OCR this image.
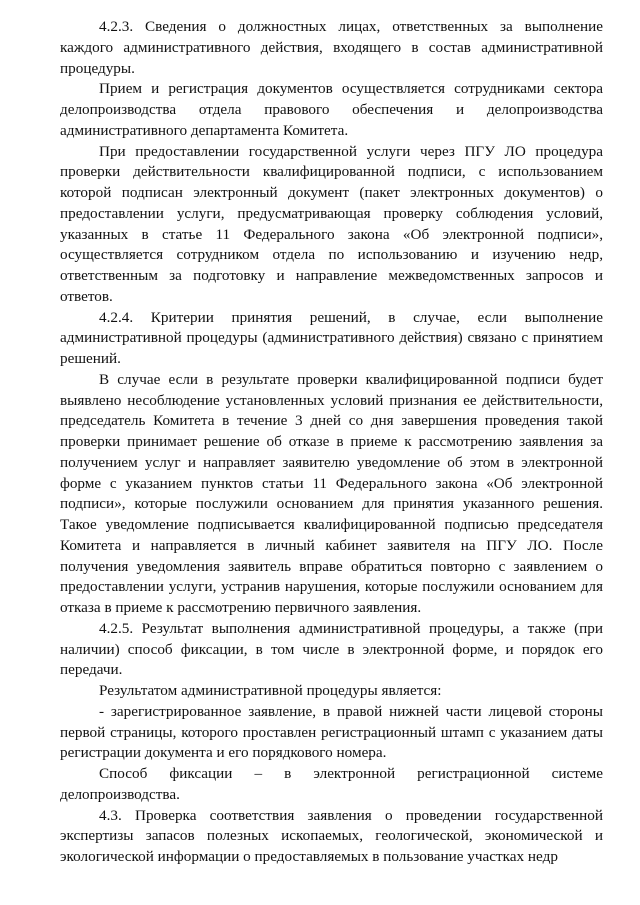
4.2.3. Сведения о должностных лицах, ответственных за выполнение каждого административного действия, входящего в состав административной процедуры.

Прием и регистрация документов осуществляется сотрудниками сектора делопроизводства отдела правового обеспечения и делопроизводства административного департамента Комитета.

При предоставлении государственной услуги через ПГУ ЛО процедура проверки действительности квалифицированной подписи, с использованием которой подписан электронный документ (пакет электронных документов) о предоставлении услуги, предусматривающая проверку соблюдения условий, указанных в статье 11 Федерального закона «Об электронной подписи», осуществляется сотрудником отдела по использованию и изучению недр, ответственным за подготовку и направление межведомственных запросов и ответов.

4.2.4. Критерии принятия решений, в случае, если выполнение административной процедуры (административного действия) связано с принятием решений.

В случае если в результате проверки квалифицированной подписи будет выявлено несоблюдение установленных условий признания ее действительности, председатель Комитета в течение 3 дней со дня завершения проведения такой проверки принимает решение об отказе в приеме к рассмотрению заявления за получением услуг и направляет заявителю уведомление об этом в электронной форме с указанием пунктов статьи 11 Федерального закона «Об электронной подписи», которые послужили основанием для принятия указанного решения. Такое уведомление подписывается квалифицированной подписью председателя Комитета и направляется в личный кабинет заявителя на ПГУ ЛО. После получения уведомления заявитель вправе обратиться повторно с заявлением о предоставлении услуги, устранив нарушения, которые послужили основанием для отказа в приеме к рассмотрению первичного заявления.

4.2.5. Результат выполнения административной процедуры, а также (при наличии) способ фиксации, в том числе в электронной форме, и порядок его передачи.

Результатом административной процедуры является:

- зарегистрированное заявление, в правой нижней части лицевой стороны первой страницы, которого проставлен регистрационный штамп с указанием даты регистрации документа и его порядкового номера.

Способ фиксации – в электронной регистрационной системе делопроизводства.

4.3. Проверка соответствия заявления о проведении государственной экспертизы запасов полезных ископаемых, геологической, экономической и экологической информации о предоставляемых в пользование участках недр
